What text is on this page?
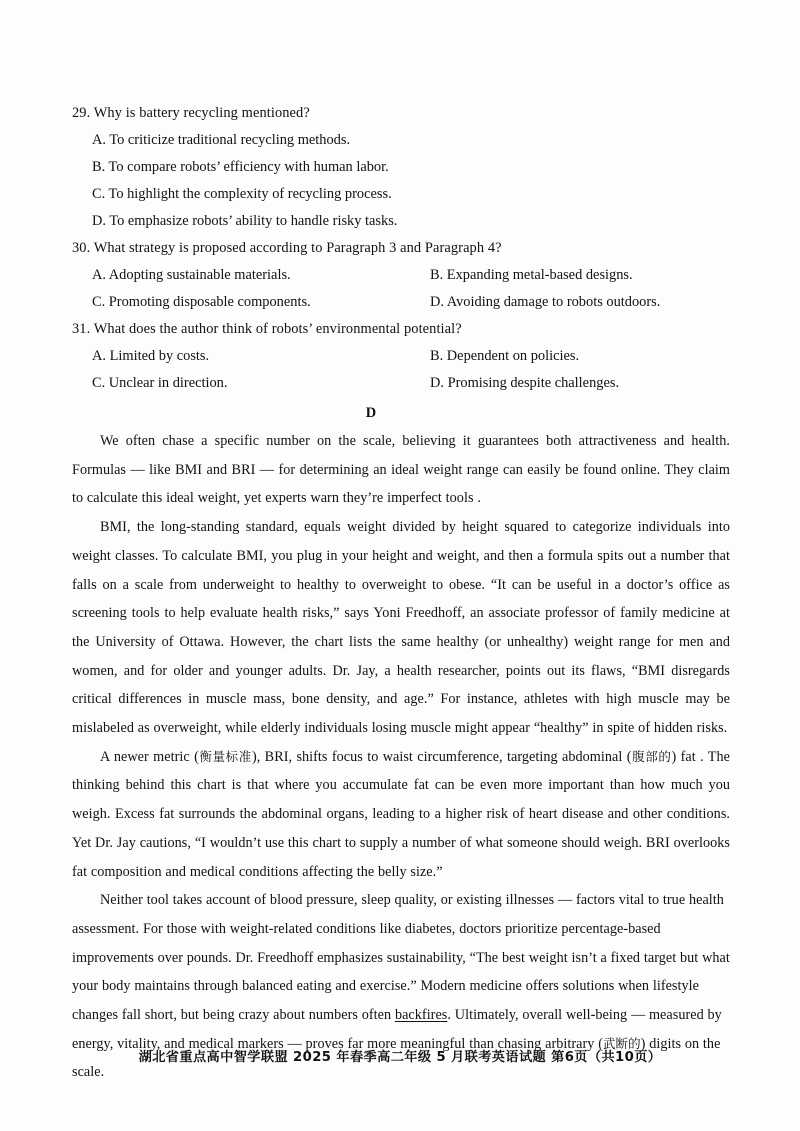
29. Why is battery recycling mentioned?
A. To criticize traditional recycling methods.
B. To compare robots’ efficiency with human labor.
C. To highlight the complexity of recycling process.
D. To emphasize robots’ ability to handle risky tasks.
30. What strategy is proposed according to Paragraph 3 and Paragraph 4?
A. Adopting sustainable materials.	B. Expanding metal-based designs.
C. Promoting disposable components.	D. Avoiding damage to robots outdoors.
31. What does the author think of robots’ environmental potential?
A. Limited by costs.	B. Dependent on policies.
C. Unclear in direction.	D. Promising despite challenges.
D

We often chase a specific number on the scale, believing it guarantees both attractiveness and health. Formulas — like BMI and BRI — for determining an ideal weight range can easily be found online. They claim to calculate this ideal weight, yet experts warn they’re imperfect tools .

BMI, the long-standing standard, equals weight divided by height squared to categorize individuals into weight classes. To calculate BMI, you plug in your height and weight, and then a formula spits out a number that falls on a scale from underweight to healthy to overweight to obese. “It can be useful in a doctor’s office as screening tools to help evaluate health risks,” says Yoni Freedhoff, an associate professor of family medicine at the University of Ottawa. However, the chart lists the same healthy (or unhealthy) weight range for men and women, and for older and younger adults. Dr. Jay, a health researcher, points out its flaws, “BMI disregards critical differences in muscle mass, bone density, and age.” For instance, athletes with high muscle may be mislabeled as overweight, while elderly individuals losing muscle might appear “healthy” in spite of hidden risks.

A newer metric (衡量标准), BRI, shifts focus to waist circumference, targeting abdominal (腹部的) fat . The thinking behind this chart is that where you accumulate fat can be even more important than how much you weigh. Excess fat surrounds the abdominal organs, leading to a higher risk of heart disease and other conditions. Yet Dr. Jay cautions, “I wouldn’t use this chart to supply a number of what someone should weigh. BRI overlooks fat composition and medical conditions affecting the belly size.”

Neither tool takes account of blood pressure, sleep quality, or existing illnesses — factors vital to true health assessment. For those with weight-related conditions like diabetes, doctors prioritize percentage-based improvements over pounds. Dr. Freedhoff emphasizes sustainability, “The best weight isn’t a fixed target but what your body maintains through balanced eating and exercise.” Modern medicine offers solutions when lifestyle changes fall short, but being crazy about numbers often backfires. Ultimately, overall well-being — measured by energy, vitality, and medical markers — proves far more meaningful than chasing arbitrary (武断的) digits on the scale.

湖北省重点高中智学联盟 2025 年春季高二年级 5 月联考英语试题 第6页（共10页）
